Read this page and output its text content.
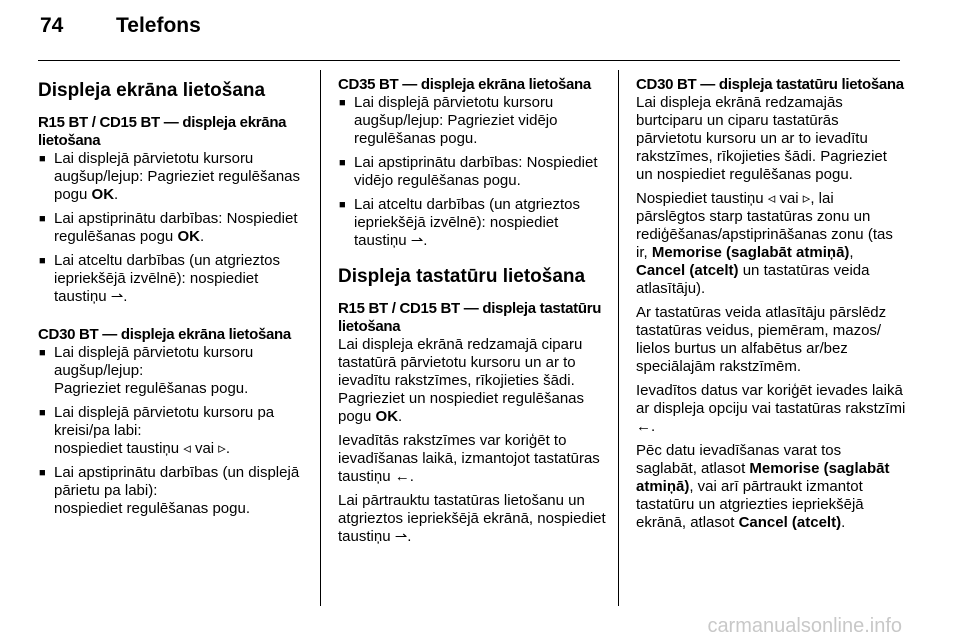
74	Telefons
Displeja ekrāna lietošana
R15 BT / CD15 BT — displeja ekrāna lietošana
■ Lai displejā pārvietotu kursoru augšup/lejup: Pagrieziet regulēšanas pogu OK.
■ Lai apstiprinātu darbības: Nospiediet regulēšanas pogu OK.
■ Lai atceltu darbības (un atgrieztos iepriekšējā izvēlnē): nospiediet taustiņu ⇀.
CD30 BT — displeja ekrāna lietošana
■ Lai displejā pārvietotu kursoru augšup/lejup:
Pagrieziet regulēšanas pogu.
■ Lai displejā pārvietotu kursoru pa kreisi/pa labi:
nospiediet taustiņu ◃ vai ▹.
■ Lai apstiprinātu darbības (un displejā pārietu pa labi):
nospiediet regulēšanas pogu.
CD35 BT — displeja ekrāna lietošana
■ Lai displejā pārvietotu kursoru augšup/lejup: Pagrieziet vidējo regulēšanas pogu.
■ Lai apstiprinātu darbības: Nospiediet vidējo regulēšanas pogu.
■ Lai atceltu darbības (un atgrieztos iepriekšējā izvēlnē): nospiediet taustiņu ⇀.
Displeja tastatūru lietošana
R15 BT / CD15 BT — displeja tastatūru lietošana

Lai displeja ekrānā redzamajā ciparu tastatūrā pārvietotu kursoru un ar to ievadītu rakstzīmes, rīkojieties šādi. Pagrieziet un nospiediet regulēšanas pogu OK.

Ievadītās rakstzīmes var koriģēt to ievadīšanas laikā, izmantojot tastatūras taustiņu ←.

Lai pārtrauktu tastatūras lietošanu un atgrieztos iepriekšējā ekrānā, nospiediet taustiņu ⇀.

CD30 BT — displeja tastatūru lietošana

Lai displeja ekrānā redzamajās burtciparu un ciparu tastatūrās pārvietotu kursoru un ar to ievadītu rakstzīmes, rīkojieties šādi. Pagrieziet un nospiediet regulēšanas pogu.

Nospiediet taustiņu ◃ vai ▹, lai pārslēgtos starp tastatūras zonu un rediģēšanas/apstiprināšanas zonu (tas ir, Memorise (saglabāt atmiņā), Cancel (atcelt) un tastatūras veida atlasītāju).

Ar tastatūras veida atlasītāju pārslēdz tastatūras veidus, piemēram, mazos/ lielos burtus un alfabētus ar/bez speciālajām rakstzīmēm.

Ievadītos datus var koriģēt ievades laikā ar displeja opciju vai tastatūras rakstzīmi ←.

Pēc datu ievadīšanas varat tos saglabāt, atlasot Memorise (saglabāt atmiņā), vai arī pārtraukt izmantot tastatūru un atgriezties iepriekšējā ekrānā, atlasot Cancel (atcelt).

carmanualsonline.info
